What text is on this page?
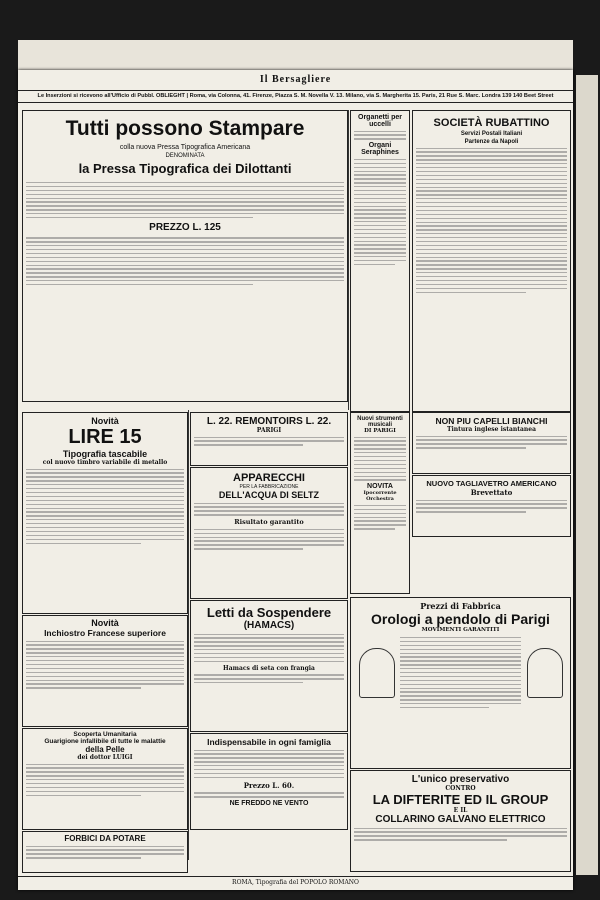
Il Bersagliere
Le Inserzioni si ricevono all'Ufficio di Pubbl. OBLIEGHT | Roma, via Colonna, 41. Firenze, Piazza S. M. Novella V. 13. Milano, via S. Margherita 15. Paris, 21 Rue S. Marc. Londra 139 140 Beet Street
Tutti possono Stampare
colla nuova Pressa Tipografica Americana
DENOMINATA
la Pressa Tipografica dei Dilottanti
PREZZO L. 125
Organetti per uccelli
Organi
Seraphines
SOCIETÀ RUBATTINO
Servizi Postali Italiani
Partenze da Napoli
Novità
LIRE 15
Tipografia tascabile
col nuovo timbro variabile di metallo
Novità
Inchiostro Francese superiore
Scoperta Umanitaria
Guarigione infallibile di tutte le malattie
della Pelle
dei dottor LUIGI
FORBICI DA POTARE
L. 22. REMONTOIRS L. 22.
PARIGI
APPARECCHI
PER LA FABBRICAZIONE
DELL'ACQUA DI SELTZ
Risultato garantito
Letti da Sospendere
(HAMACS)
Hamacs di seta con frangia
Indispensabile in ogni famiglia
Prezzo L. 60.
NE FREDDO NE VENTO
Nuovi strumenti musicali
DI PARIGI
NOVITA
Ipocorrente Orchestra
NON PIU CAPELLI BIANCHI
Tintura inglese istantanea
NUOVO TAGLIAVETRO AMERICANO
Brevettato
Prezzi di Fabbrica
Orologi a pendolo di Parigi
MOVIMENTI GARANTITI
L'unico preservativo
CONTRO
LA DIFTERITE ED IL GROUP
E IL
COLLARINO GALVANO ELETTRICO
ROMA, Tipografia del POPOLO ROMANO
